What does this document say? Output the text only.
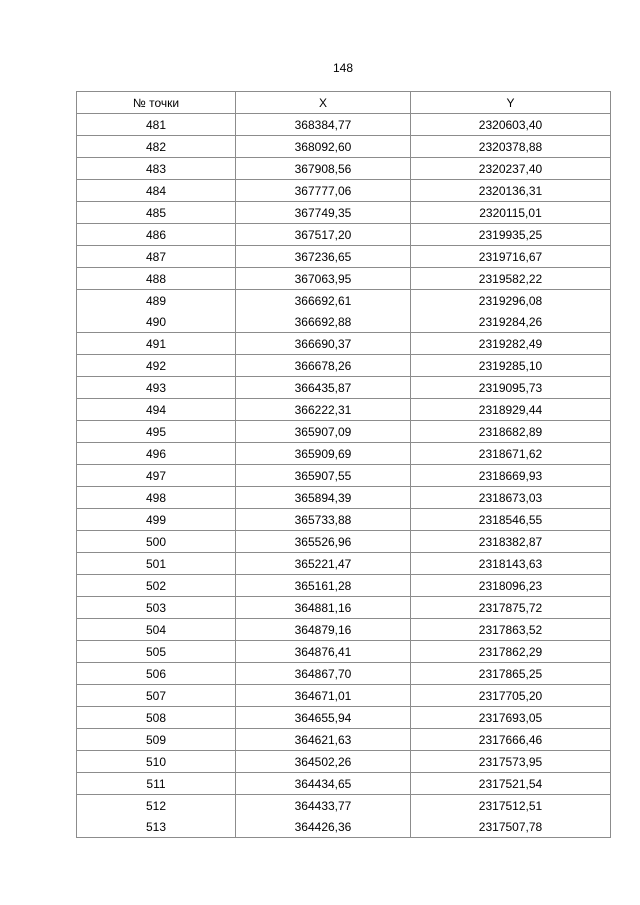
148
№ точки	X	Y
481	368384,77	2320603,40
482	368092,60	2320378,88
483	367908,56	2320237,40
484	367777,06	2320136,31
485	367749,35	2320115,01
486	367517,20	2319935,25
487	367236,65	2319716,67
488	367063,95	2319582,22
489	366692,61	2319296,08
490	366692,88	2319284,26
491	366690,37	2319282,49
492	366678,26	2319285,10
493	366435,87	2319095,73
494	366222,31	2318929,44
495	365907,09	2318682,89
496	365909,69	2318671,62
497	365907,55	2318669,93
498	365894,39	2318673,03
499	365733,88	2318546,55
500	365526,96	2318382,87
501	365221,47	2318143,63
502	365161,28	2318096,23
503	364881,16	2317875,72
504	364879,16	2317863,52
505	364876,41	2317862,29
506	364867,70	2317865,25
507	364671,01	2317705,20
508	364655,94	2317693,05
509	364621,63	2317666,46
510	364502,26	2317573,95
511	364434,65	2317521,54
512	364433,77	2317512,51
513	364426,36	2317507,78
